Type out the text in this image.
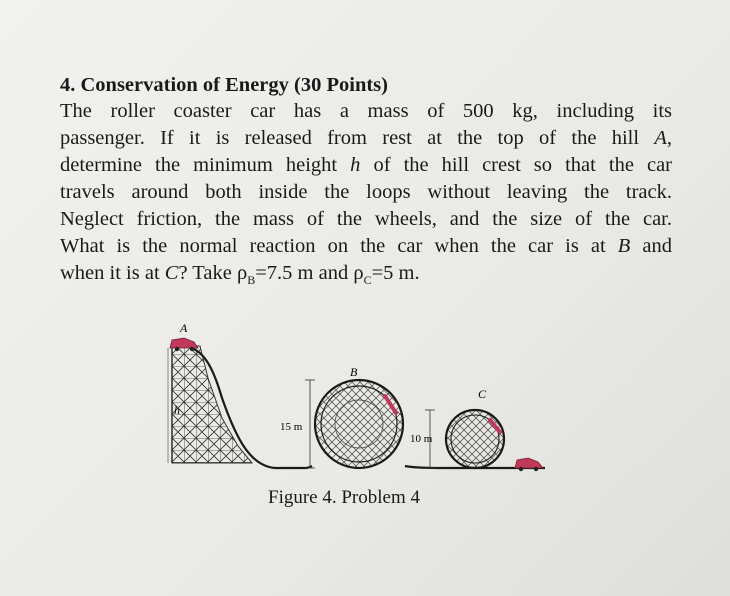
4. Conservation of Energy (30 Points)

The roller coaster car has a mass of 500 kg, including its

passenger. If it is released from rest at the top of the hill A,

determine the minimum height h of the hill crest so that the car

travels around both inside the loops without leaving the track.

Neglect friction, the mass of the wheels, and the size of the car.

What is the normal reaction on the car when the car is at B and

when it is at C? Take $\rho_B=7.5$ m and $\rho_C=5$ m.

A
B
C
h
15 m
10 m
Figure 4. Problem 4
